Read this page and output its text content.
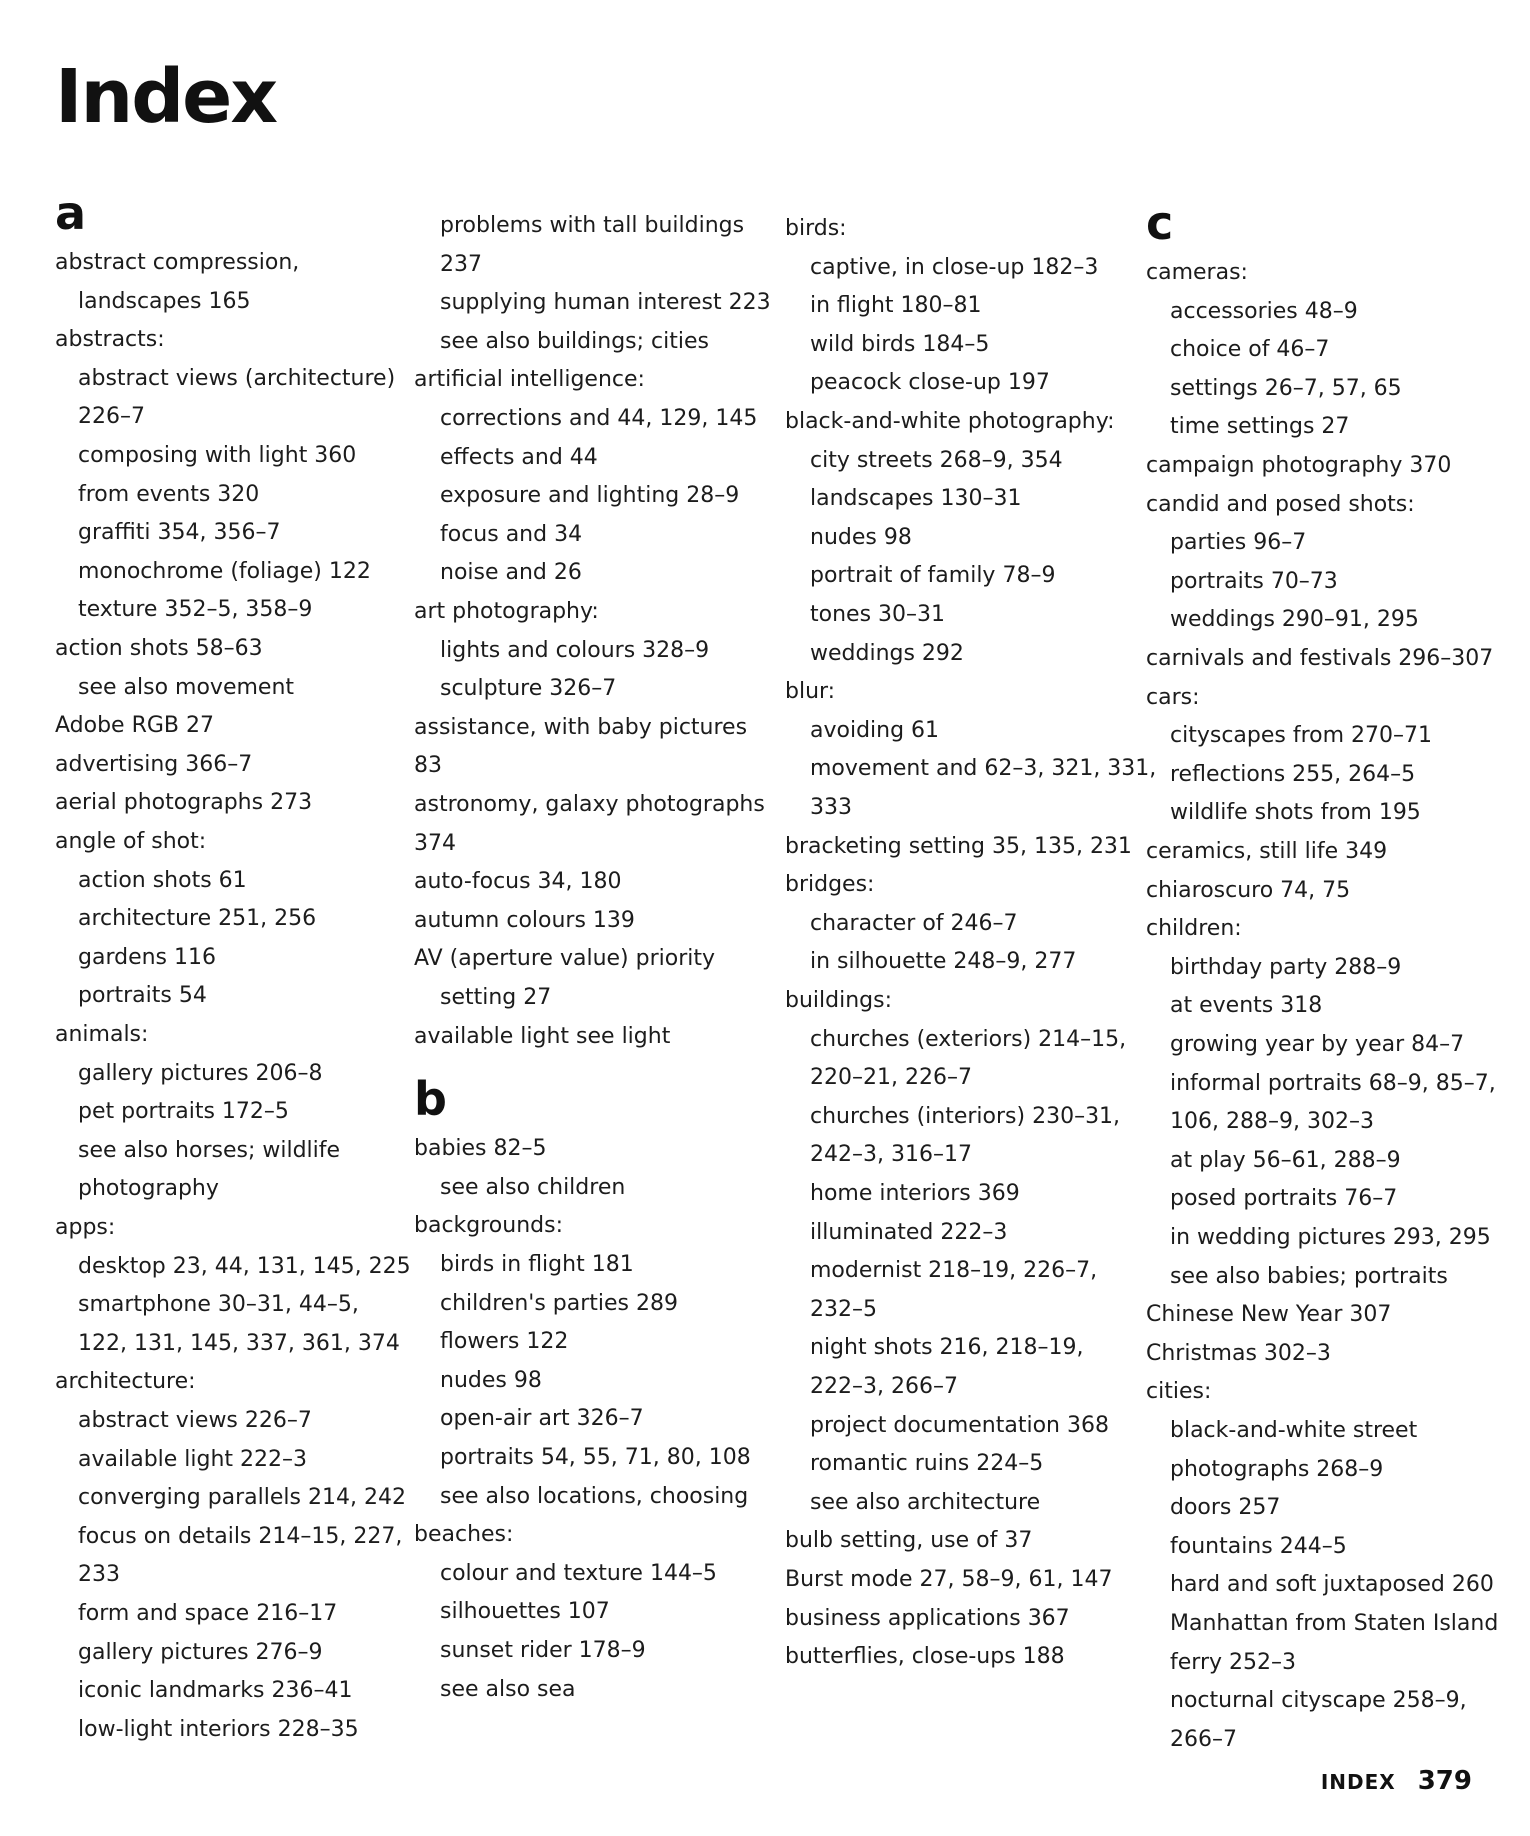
Index
a
abstract compression,
landscapes 165
abstracts:
abstract views (architecture)
226–7
composing with light 360
from events 320
graffiti 354, 356–7
monochrome (foliage) 122
texture 352–5, 358–9
action shots 58–63
see also movement
Adobe RGB 27
advertising 366–7
aerial photographs 273
angle of shot:
action shots 61
architecture 251, 256
gardens 116
portraits 54
animals:
gallery pictures 206–8
pet portraits 172–5
see also horses; wildlife
photography
apps:
desktop 23, 44, 131, 145, 225
smartphone 30–31, 44–5,
122, 131, 145, 337, 361, 374
architecture:
abstract views 226–7
available light 222–3
converging parallels 214, 242
focus on details 214–15, 227,
233
form and space 216–17
gallery pictures 276–9
iconic landmarks 236–41
low-light interiors 228–35
problems with tall buildings
237
supplying human interest 223
see also buildings; cities
artificial intelligence:
corrections and 44, 129, 145
effects and 44
exposure and lighting 28–9
focus and 34
noise and 26
art photography:
lights and colours 328–9
sculpture 326–7
assistance, with baby pictures
83
astronomy, galaxy photographs
374
auto-focus 34, 180
autumn colours 139
AV (aperture value) priority
setting 27
available light see light
b
babies 82–5
see also children
backgrounds:
birds in flight 181
children's parties 289
flowers 122
nudes 98
open-air art 326–7
portraits 54, 55, 71, 80, 108
see also locations, choosing
beaches:
colour and texture 144–5
silhouettes 107
sunset rider 178–9
see also sea
birds:
captive, in close-up 182–3
in flight 180–81
wild birds 184–5
peacock close-up 197
black-and-white photography:
city streets 268–9, 354
landscapes 130–31
nudes 98
portrait of family 78–9
tones 30–31
weddings 292
blur:
avoiding 61
movement and 62–3, 321, 331,
333
bracketing setting 35, 135, 231
bridges:
character of 246–7
in silhouette 248–9, 277
buildings:
churches (exteriors) 214–15,
220–21, 226–7
churches (interiors) 230–31,
242–3, 316–17
home interiors 369
illuminated 222–3
modernist 218–19, 226–7,
232–5
night shots 216, 218–19,
222–3, 266–7
project documentation 368
romantic ruins 224–5
see also architecture
bulb setting, use of 37
Burst mode 27, 58–9, 61, 147
business applications 367
butterflies, close-ups 188
c
cameras:
accessories 48–9
choice of 46–7
settings 26–7, 57, 65
time settings 27
campaign photography 370
candid and posed shots:
parties 96–7
portraits 70–73
weddings 290–91, 295
carnivals and festivals 296–307
cars:
cityscapes from 270–71
reflections 255, 264–5
wildlife shots from 195
ceramics, still life 349
chiaroscuro 74, 75
children:
birthday party 288–9
at events 318
growing year by year 84–7
informal portraits 68–9, 85–7,
106, 288–9, 302–3
at play 56–61, 288–9
posed portraits 76–7
in wedding pictures 293, 295
see also babies; portraits
Chinese New Year 307
Christmas 302–3
cities:
black-and-white street
photographs 268–9
doors 257
fountains 244–5
hard and soft juxtaposed 260
Manhattan from Staten Island
ferry 252–3
nocturnal cityscape 258–9,
266–7
INDEX 379
